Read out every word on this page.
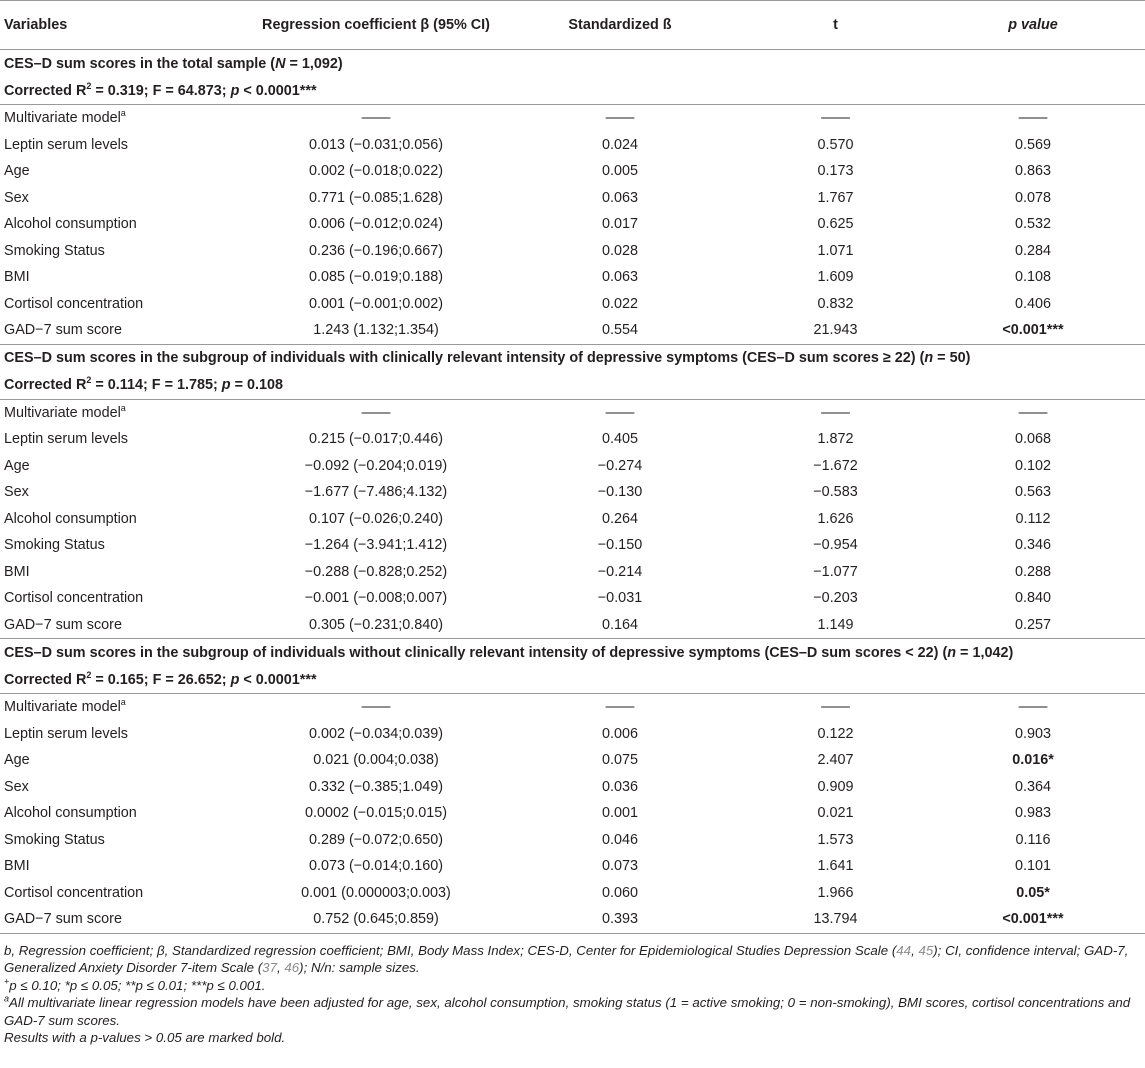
Variables	Regression coefficient β (95% CI)	Standardized ß	t	p value
CES–D sum scores in the total sample (N = 1,092)				
Corrected $R^2 = 0.319$; F = 64.873; p < 0.0001***				
Multivariate model$^a$	——	——	——	——
Leptin serum levels	0.013 (−0.031;0.056)	0.024	0.570	0.569
Age	0.002 (−0.018;0.022)	0.005	0.173	0.863
Sex	0.771 (−0.085;1.628)	0.063	1.767	0.078
Alcohol consumption	0.006 (−0.012;0.024)	0.017	0.625	0.532
Smoking Status	0.236 (−0.196;0.667)	0.028	1.071	0.284
BMI	0.085 (−0.019;0.188)	0.063	1.609	0.108
Cortisol concentration	0.001 (−0.001;0.002)	0.022	0.832	0.406
GAD−7 sum score	1.243 (1.132;1.354)	0.554	21.943	<0.001***
CES–D sum scores in the subgroup of individuals with clinically relevant intensity of depressive symptoms (CES–D sum scores ≥ 22) (n = 50)				
Corrected $R^2 = 0.114$; F = 1.785; p = 0.108				
Multivariate model$^a$	——	——	——	——
Leptin serum levels	0.215 (−0.017;0.446)	0.405	1.872	0.068
Age	−0.092 (−0.204;0.019)	−0.274	−1.672	0.102
Sex	−1.677 (−7.486;4.132)	−0.130	−0.583	0.563
Alcohol consumption	0.107 (−0.026;0.240)	0.264	1.626	0.112
Smoking Status	−1.264 (−3.941;1.412)	−0.150	−0.954	0.346
BMI	−0.288 (−0.828;0.252)	−0.214	−1.077	0.288
Cortisol concentration	−0.001 (−0.008;0.007)	−0.031	−0.203	0.840
GAD−7 sum score	0.305 (−0.231;0.840)	0.164	1.149	0.257
CES–D sum scores in the subgroup of individuals without clinically relevant intensity of depressive symptoms (CES–D sum scores < 22) (n = 1,042)				
Corrected $R^2 = 0.165$; F = 26.652; p < 0.0001***				
Multivariate model$^a$	——	——	——	——
Leptin serum levels	0.002 (−0.034;0.039)	0.006	0.122	0.903
Age	0.021 (0.004;0.038)	0.075	2.407	0.016*
Sex	0.332 (−0.385;1.049)	0.036	0.909	0.364
Alcohol consumption	0.0002 (−0.015;0.015)	0.001	0.021	0.983
Smoking Status	0.289 (−0.072;0.650)	0.046	1.573	0.116
BMI	0.073 (−0.014;0.160)	0.073	1.641	0.101
Cortisol concentration	0.001 (0.000003;0.003)	0.060	1.966	0.05*
GAD−7 sum score	0.752 (0.645;0.859)	0.393	13.794	<0.001***

b, Regression coefficient; β, Standardized regression coefficient; BMI, Body Mass Index; CES-D, Center for Epidemiological Studies Depression Scale (44, 45); CI, confidence interval; GAD-7, Generalized Anxiety Disorder 7-item Scale (37, 46); N/n: sample sizes.

+p ≤ 0.10; *p ≤ 0.05; **p ≤ 0.01; ***p ≤ 0.001.

$^a$All multivariate linear regression models have been adjusted for age, sex, alcohol consumption, smoking status (1 = active smoking; 0 = non-smoking), BMI scores, cortisol concentrations and GAD-7 sum scores.

Results with a p-values > 0.05 are marked bold.
